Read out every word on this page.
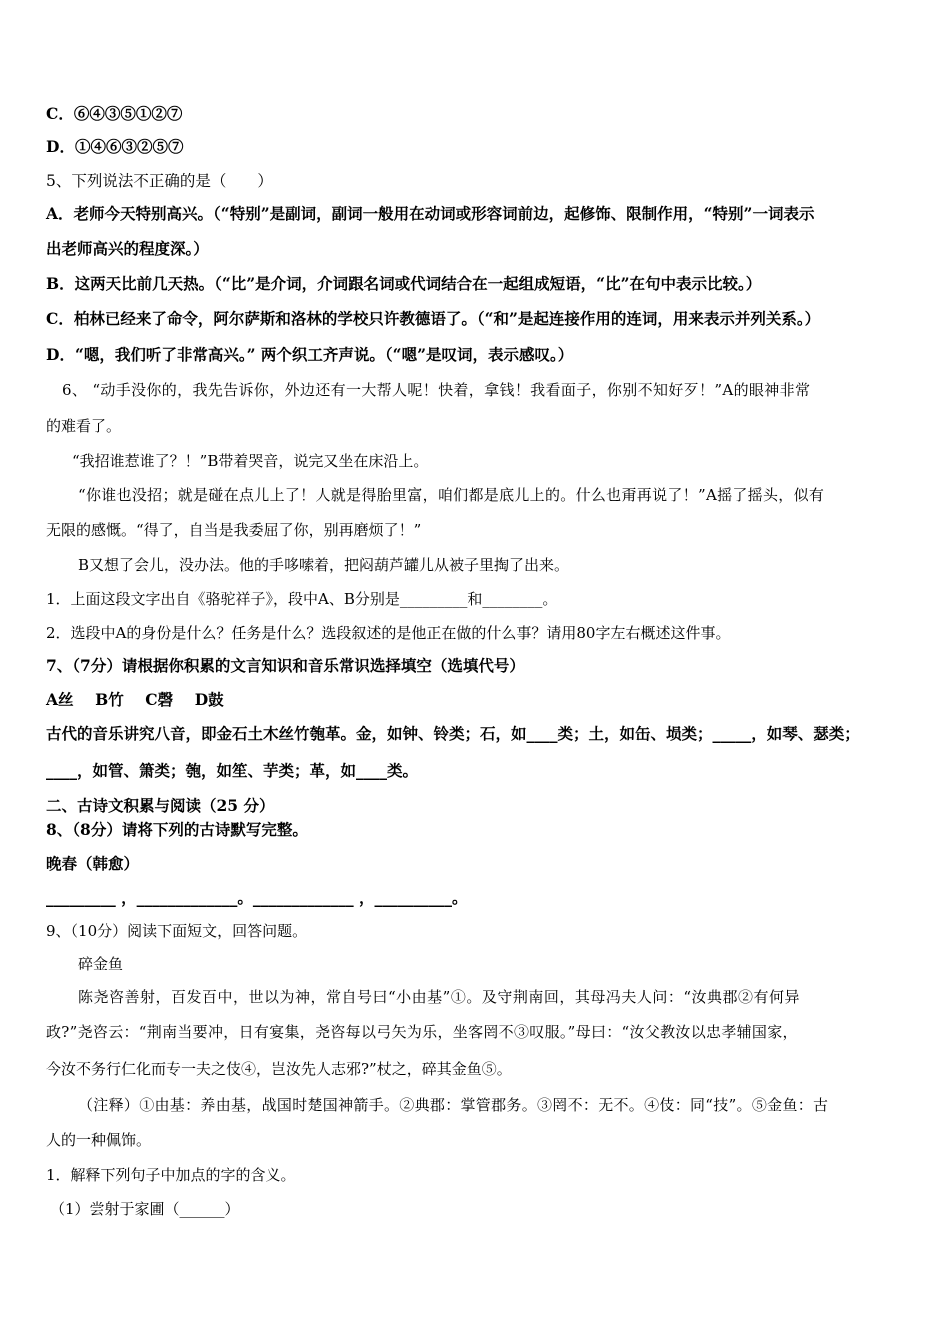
C．⑥④③⑤①②⑦
D．①④⑥③②⑤⑦
5、下列说法不正确的是（　　）
A．老师今天特别高兴。（“特别”是副词，副词一般用在动词或形容词前边，起修饰、限制作用，“特别”一词表示
出老师高兴的程度深。）
B．这两天比前几天热。（“比”是介词，介词跟名词或代词结合在一起组成短语，“比”在句中表示比较。）
C．柏林已经来了命令，阿尔萨斯和洛林的学校只许教德语了。（“和”是起连接作用的连词，用来表示并列关系。）
D．“嗯，我们听了非常高兴。” 两个织工齐声说。（“嗯”是叹词，表示感叹。）
6、 “动手没你的，我先告诉你，外边还有一大帮人呢！快着，拿钱！我看面子，你别不知好歹！”A的眼神非常
的难看了。
“我招谁惹谁了？！”B带着哭音，说完又坐在床沿上。
“你谁也没招；就是碰在点儿上了！人就是得胎里富，咱们都是底儿上的。什么也甭再说了！”A摇了摇头，似有
无限的感慨。“得了，自当是我委屈了你，别再磨烦了！”
B又想了会儿，没办法。他的手哆嗦着，把闷葫芦罐儿从被子里掏了出来。
1．上面这段文字出自《骆驼祥子》，段中A、B分别是_________和________。
2．选段中A的身份是什么？任务是什么？选段叙述的是他正在做的什么事？请用80字左右概述这件事。
7、（7分）请根据你积累的文言知识和音乐常识选择填空（选填代号）
A丝    B竹    C磬    D鼓
古代的音乐讲究八音，即金石土木丝竹匏革。金，如钟、铃类；石，如____类；土，如缶、埙类；_____，如琴、瑟类；
____，如管、箫类；匏，如笙、芋类；革，如____类。
二、古诗文积累与阅读（25 分）
8、（8分）请将下列的古诗默写完整。
晚春（韩愈）
_________ ，_____________。_____________ ，__________。
9、（10分）阅读下面短文，回答问题。
碎金鱼
陈尧咨善射，百发百中，世以为神，常自号曰“小由基”①。及守荆南回，其母冯夫人问：“汝典郡②有何异
政?”尧咨云：“荆南当要冲，日有宴集，尧咨每以弓矢为乐，坐客罔不③叹服。”母曰：“汝父教汝以忠孝辅国家，
今汝不务行仁化而专一夫之伎④，岂汝先人志邪?”杖之，碎其金鱼⑤。
（注释）①由基：养由基，战国时楚国神箭手。②典郡：掌管郡务。③罔不：无不。④伎：同“技”。⑤金鱼：古
人的一种佩饰。
1．解释下列句子中加点的字的含义。
（1）尝射于家圃（______）
